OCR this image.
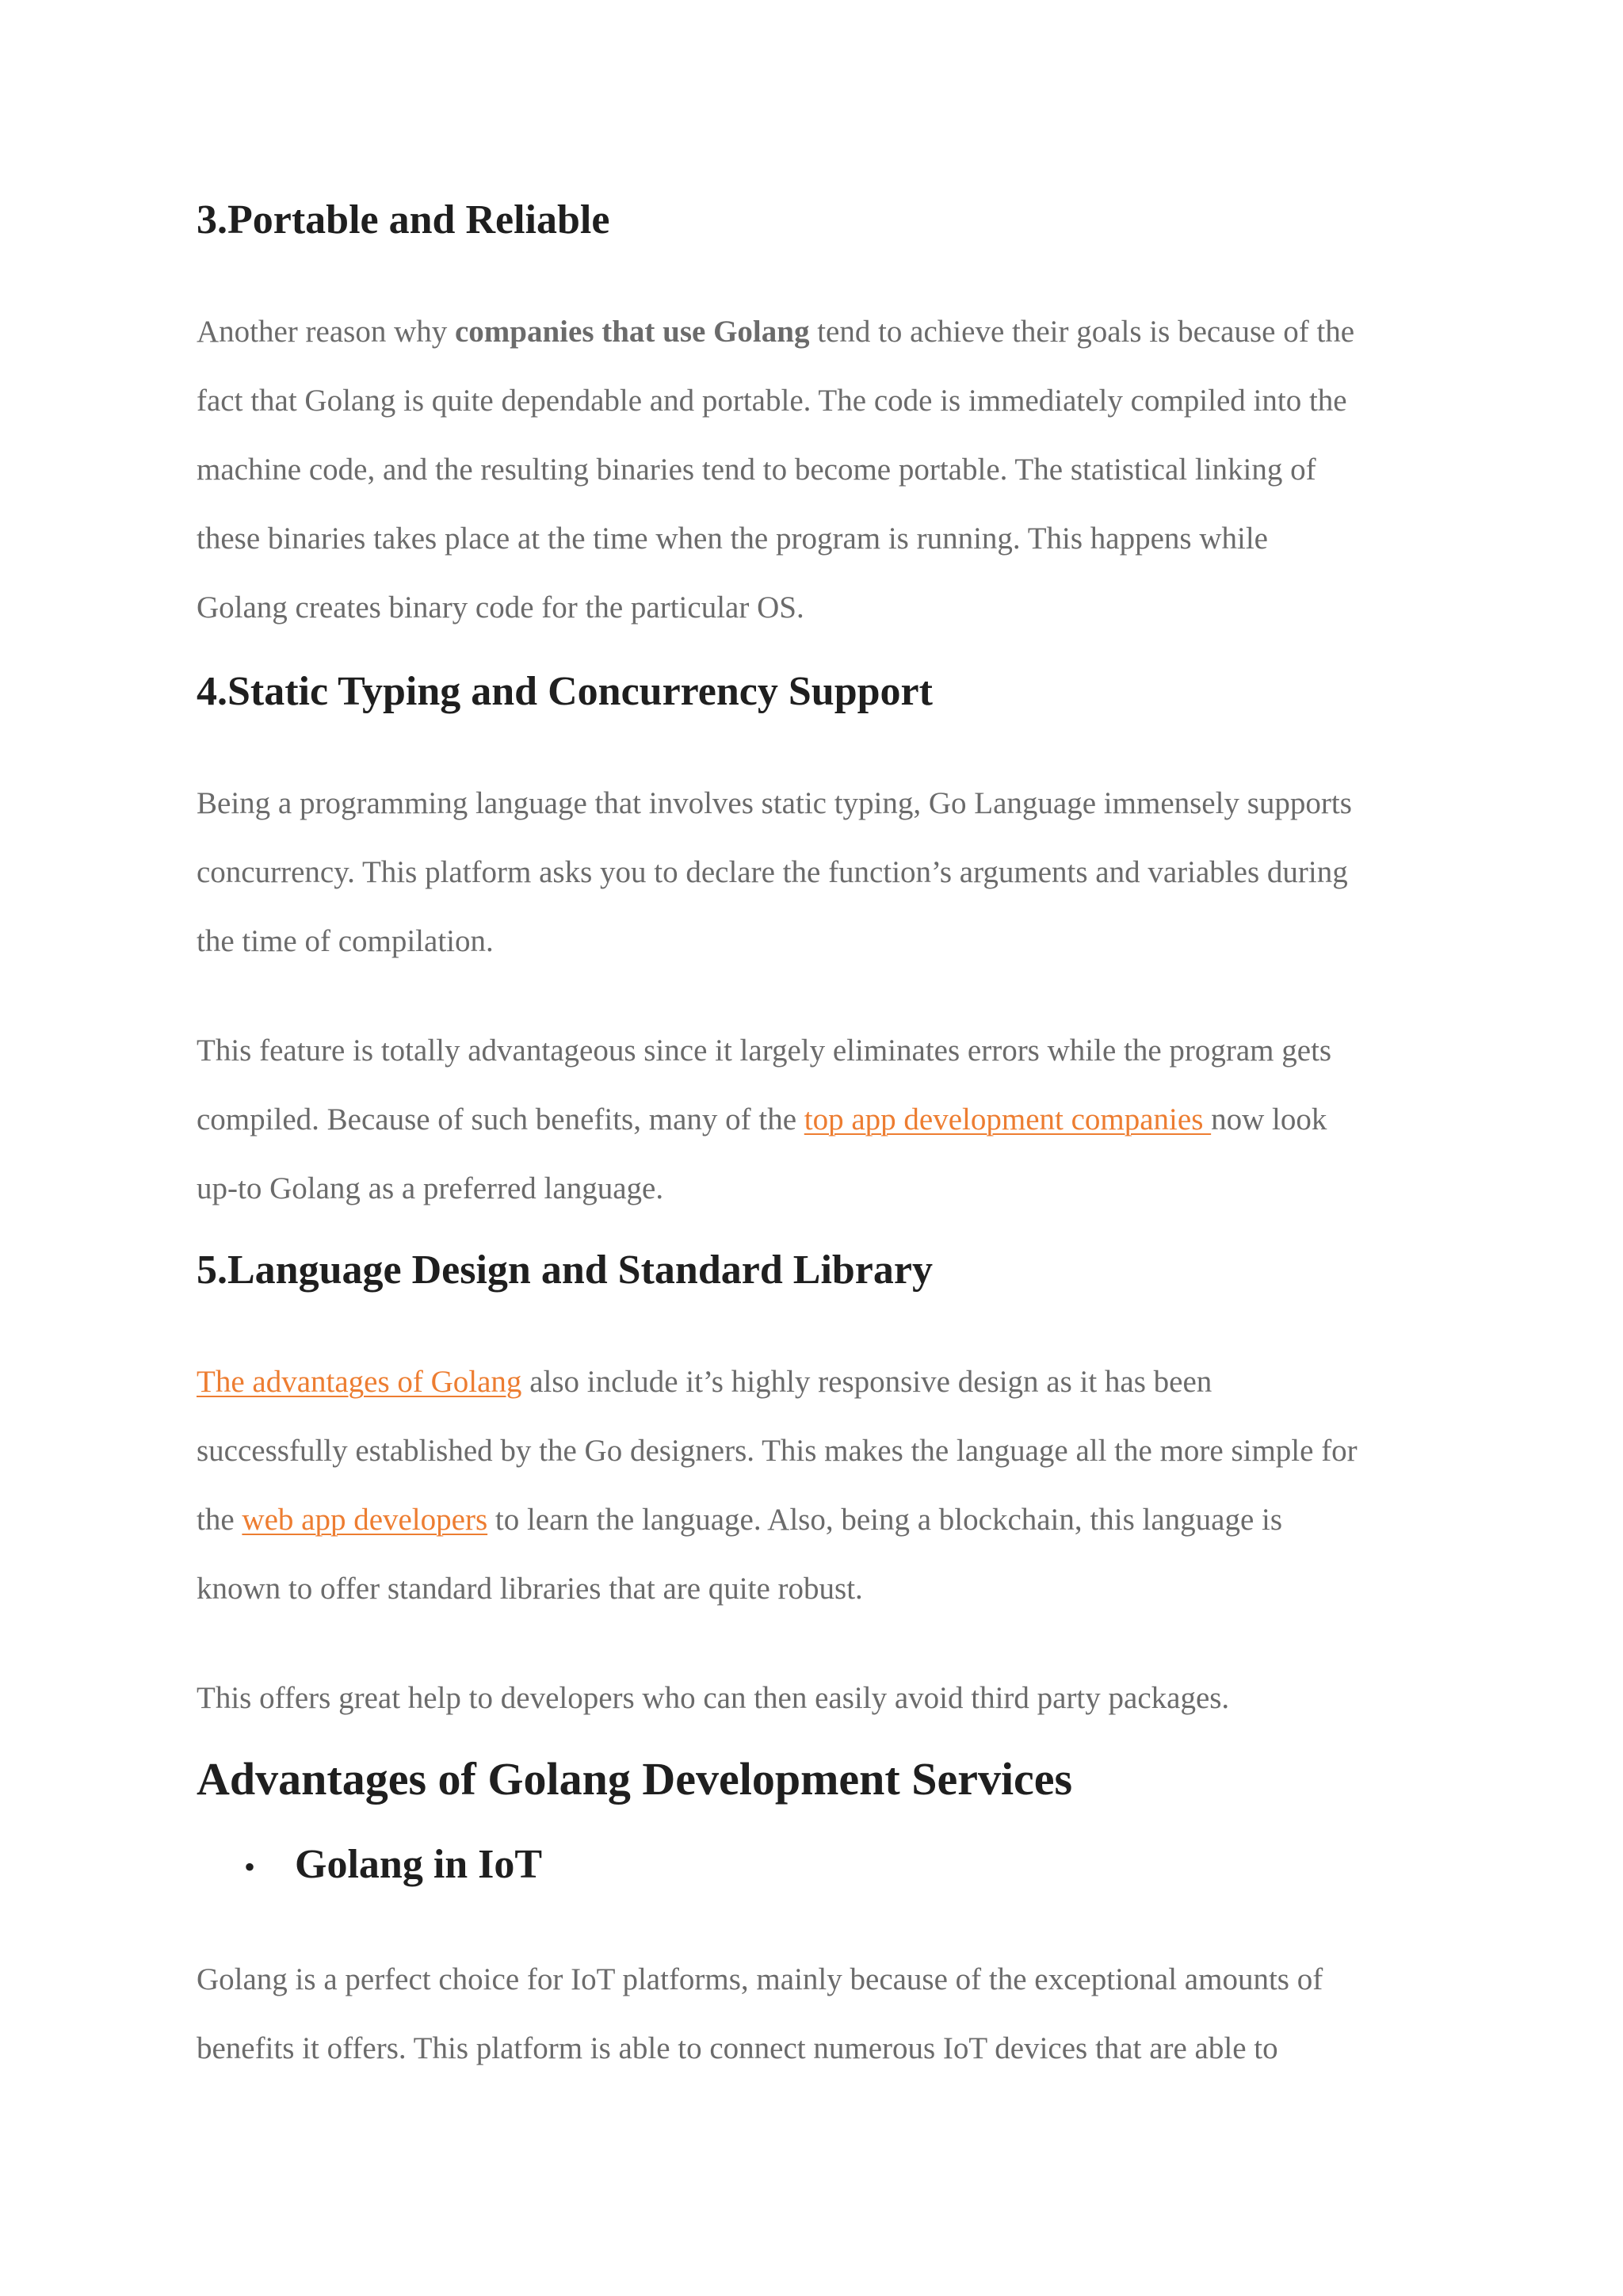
3.Portable and Reliable
Another reason why companies that use Golang tend to achieve their goals is because of the
fact that Golang is quite dependable and portable. The code is immediately compiled into the
machine code, and the resulting binaries tend to become portable. The statistical linking of
these binaries takes place at the time when the program is running. This happens while
Golang creates binary code for the particular OS.
4.Static Typing and Concurrency Support
Being a programming language that involves static typing, Go Language immensely supports
concurrency. This platform asks you to declare the function’s arguments and variables during
the time of compilation.
This feature is totally advantageous since it largely eliminates errors while the program gets
compiled. Because of such benefits, many of the top app development companies now look
up-to Golang as a preferred language.
5.Language Design and Standard Library
The advantages of Golang also include it’s highly responsive design as it has been
successfully established by the Go designers. This makes the language all the more simple for
the web app developers to learn the language. Also, being a blockchain, this language is
known to offer standard libraries that are quite robust.
This offers great help to developers who can then easily avoid third party packages.
Advantages of Golang Development Services
• Golang in IoT
Golang is a perfect choice for IoT platforms, mainly because of the exceptional amounts of
benefits it offers. This platform is able to connect numerous IoT devices that are able to
